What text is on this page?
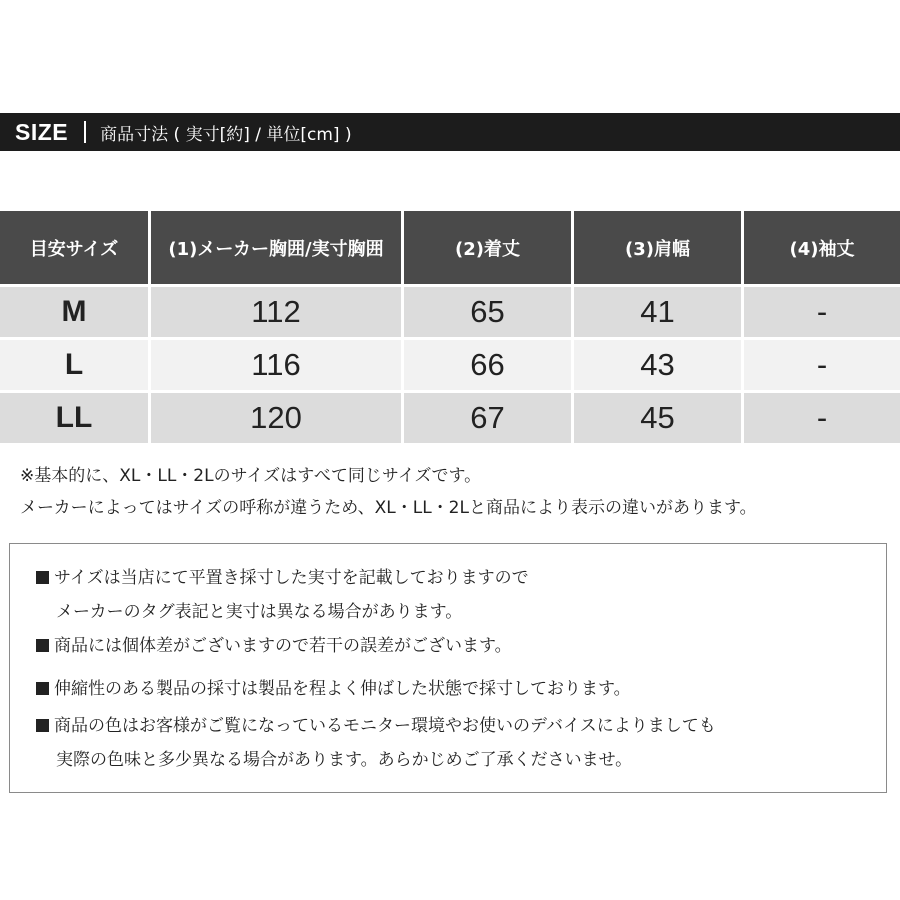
SIZE 商品寸法 ( 実寸[約] / 単位[cm] )
目安サイズ	(1)メーカー胸囲/実寸胸囲	(2)着丈	(3)肩幅	(4)袖丈
M	112	65	41	-
L	116	66	43	-
LL	120	67	45	-
※基本的に、XL・LL・2Lのサイズはすべて同じサイズです。
メーカーによってはサイズの呼称が違うため、XL・LL・2Lと商品により表示の違いがあります。
サイズは当店にて平置き採寸した実寸を記載しておりますので
メーカーのタグ表記と実寸は異なる場合があります。
商品には個体差がございますので若干の誤差がございます。
伸縮性のある製品の採寸は製品を程よく伸ばした状態で採寸しております。
商品の色はお客様がご覧になっているモニター環境やお使いのデバイスによりましても
実際の色味と多少異なる場合があります。あらかじめご了承くださいませ。
